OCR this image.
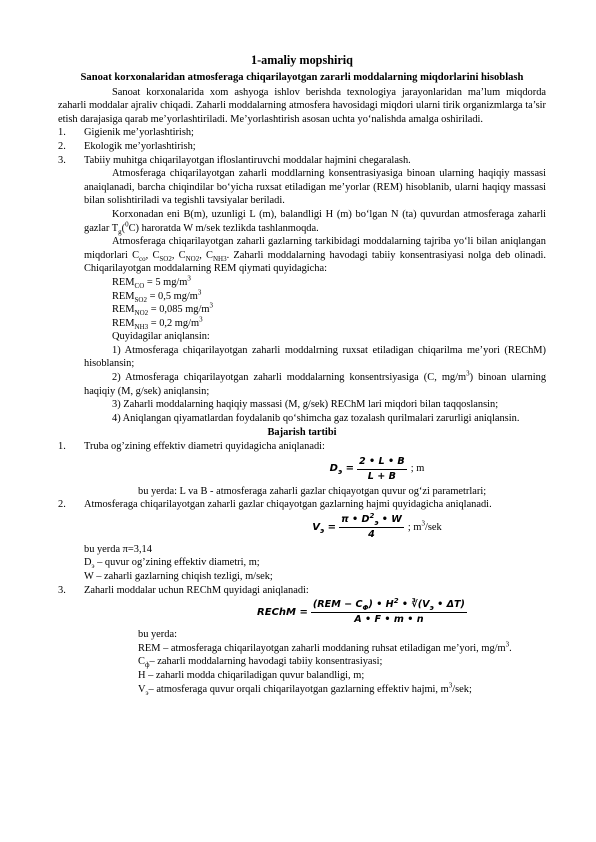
1-amaliy mopshiriq
Sanoat korxonalaridan atmosferaga chiqarilayotgan zararli moddalarning miqdorlarini hisoblash

Sanoat korxonalarida xom ashyoga ishlov berishda texnologiya jarayonlaridan ma’lum miqdorda zaharli moddalar ajraliv chiqadi. Zaharli moddalarning atmosfera havosidagi miqdori ularni tirik organizmlarga ta’sir etish darajasiga qarab me’yorlashtiriladi. Me’yorlashtirish asosan uchta yo‘nalishda amalga oshiriladi.

1. Gigienik me’yorlashtirish;
2. Ekologik me’yorlashtirish;
3. Tabiiy muhitga chiqarilayotgan ifloslantiruvchi moddalar hajmini chegaralash.

Atmosferaga chiqarilayotgan zaharli moddlarning konsentrasiyasiga binoan ularning haqiqiy massasi anaiqlanadi, barcha chiqindilar bo‘yicha ruxsat etiladigan me’yorlar (REM) hisoblanib, ularni haqiqy massasi bilan solishtiriladi va tegishli tavsiyalar beriladi.

Korxonadan eni B(m), uzunligi L (m), balandligi H (m) bo‘lgan N (ta) quvurdan atmosferaga zaharli gazlar $T_g(^0C)$ haroratda W m/sek tezlikda tashlanmoqda.

Atmosferaga chiqarilayotgan zaharli gazlarning tarkibidagi moddalarning tajriba yo‘li bilan aniqlangan miqdorlari $C_{co}$, $C_{SO2}$, $C_{NO2}$, $C_{NH3}$. Zaharli moddalarning havodagi tabiiy konsentrasiyasi nolga deb olinadi. Chiqarilayotgan moddalarning REM qiymati quyidagicha:

$REM_{CO} = 5$ $mg/m^3$
$REM_{SO2} = 0,5$ $mg/m^3$
$REM_{NO2} = 0,085$ $mg/m^3$
$REM_{NH3} = 0,2$ $mg/m^3$
Quyidagilar aniqlansin:

1) Atmosferaga chiqarilayotgan zaharli moddalrning ruxsat etiladigan chiqarilma me’yori (REChM) hisoblansin;

2) Atmosferaga chiqarilayotgan zaharli moddalarning konsentrsiyasiga (C, $mg/m^3$) binoan ularning haqiqiy (M, g/sek) aniqlansin;

3) Zaharli moddalarning haqiqiy massasi (M, g/sek) REChM lari miqdori bilan taqqoslansin;

4) Aniqlangan qiyamatlardan foydalanib qo‘shimcha gaz tozalash qurilmalari zarurligi aniqlansin.

Bajarish tartibi
1. Truba og’zining effektiv diametri quyidagicha aniqlanadi:
$D_э = \frac{2 • L • B}{L + B}$ ; m
bu yerda: L va B - atmosferaga zaharli gazlar chiqayotgan quvur og‘zi parametrlari;
2. Atmosferaga chiqarilayotgan zaharli gazlar chiqayotgan gazlarning hajmi quyidagicha aniqlanadi.
$V_э = \frac{\pi • D^2_э • W}{4}$ ; $m^3$/sek
bu yerda π=3,14
$D_э$ – quvur og’zining effektiv diametri, m;
W – zaharli gazlarning chiqish tezligi, m/sek;
3. Zaharli moddalar uchun REChM quyidagi aniqlanadi:
REChM = $\frac{(REM - C_\Phi) • H^2 • ∛(V_э • \Delta T)}{A • F • m • n}$
bu yerda:

REM – atmosferaga chiqarilayotgan zaharli moddaning ruhsat etiladigan me’yori, $mg/m^3$.

$C_ф-$ zaharli moddalarning havodagi tabiiy konsentrasiyasi;
H – zaharli modda chiqariladigan quvur balandligi, m;
$V_э-$ atmosferaga quvur orqali chiqarilayotgan gazlarning effektiv hajmi, $m^3$/sek;
